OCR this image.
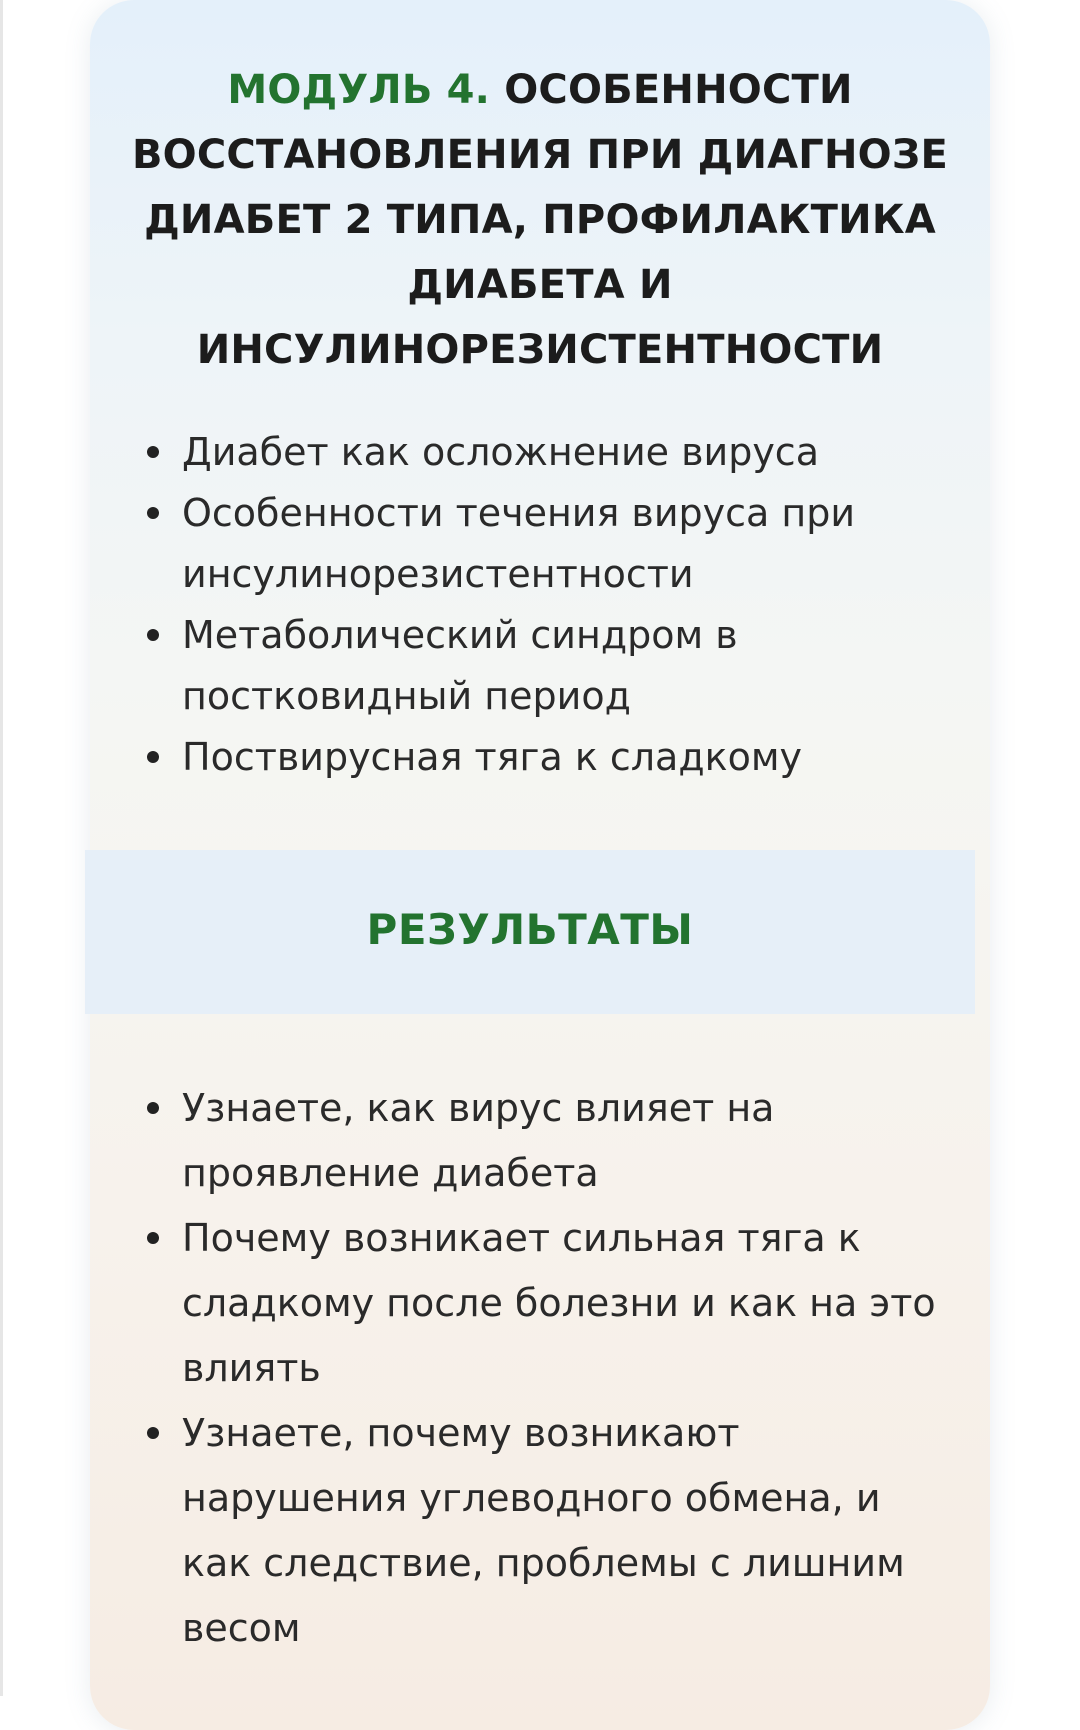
МОДУЛЬ 4. ОСОБЕННОСТИ ВОССТАНОВЛЕНИЯ ПРИ ДИАГНОЗЕ ДИАБЕТ 2 ТИПА, ПРОФИЛАКТИКА ДИАБЕТА И ИНСУЛИНОРЕЗИСТЕНТНОСТИ
Диабет как осложнение вируса
Особенности течения вируса при инсулинорезистентности
Метаболический синдром в постковидный период
Поствирусная тяга к сладкому
Узнаете, как вирус влияет на проявление диабета
Почему возникает сильная тяга к сладкому после болезни и как на это влиять
Узнаете, почему возникают нарушения углеводного обмена, и как следствие, проблемы с лишним весом
РЕЗУЛЬТАТЫ
